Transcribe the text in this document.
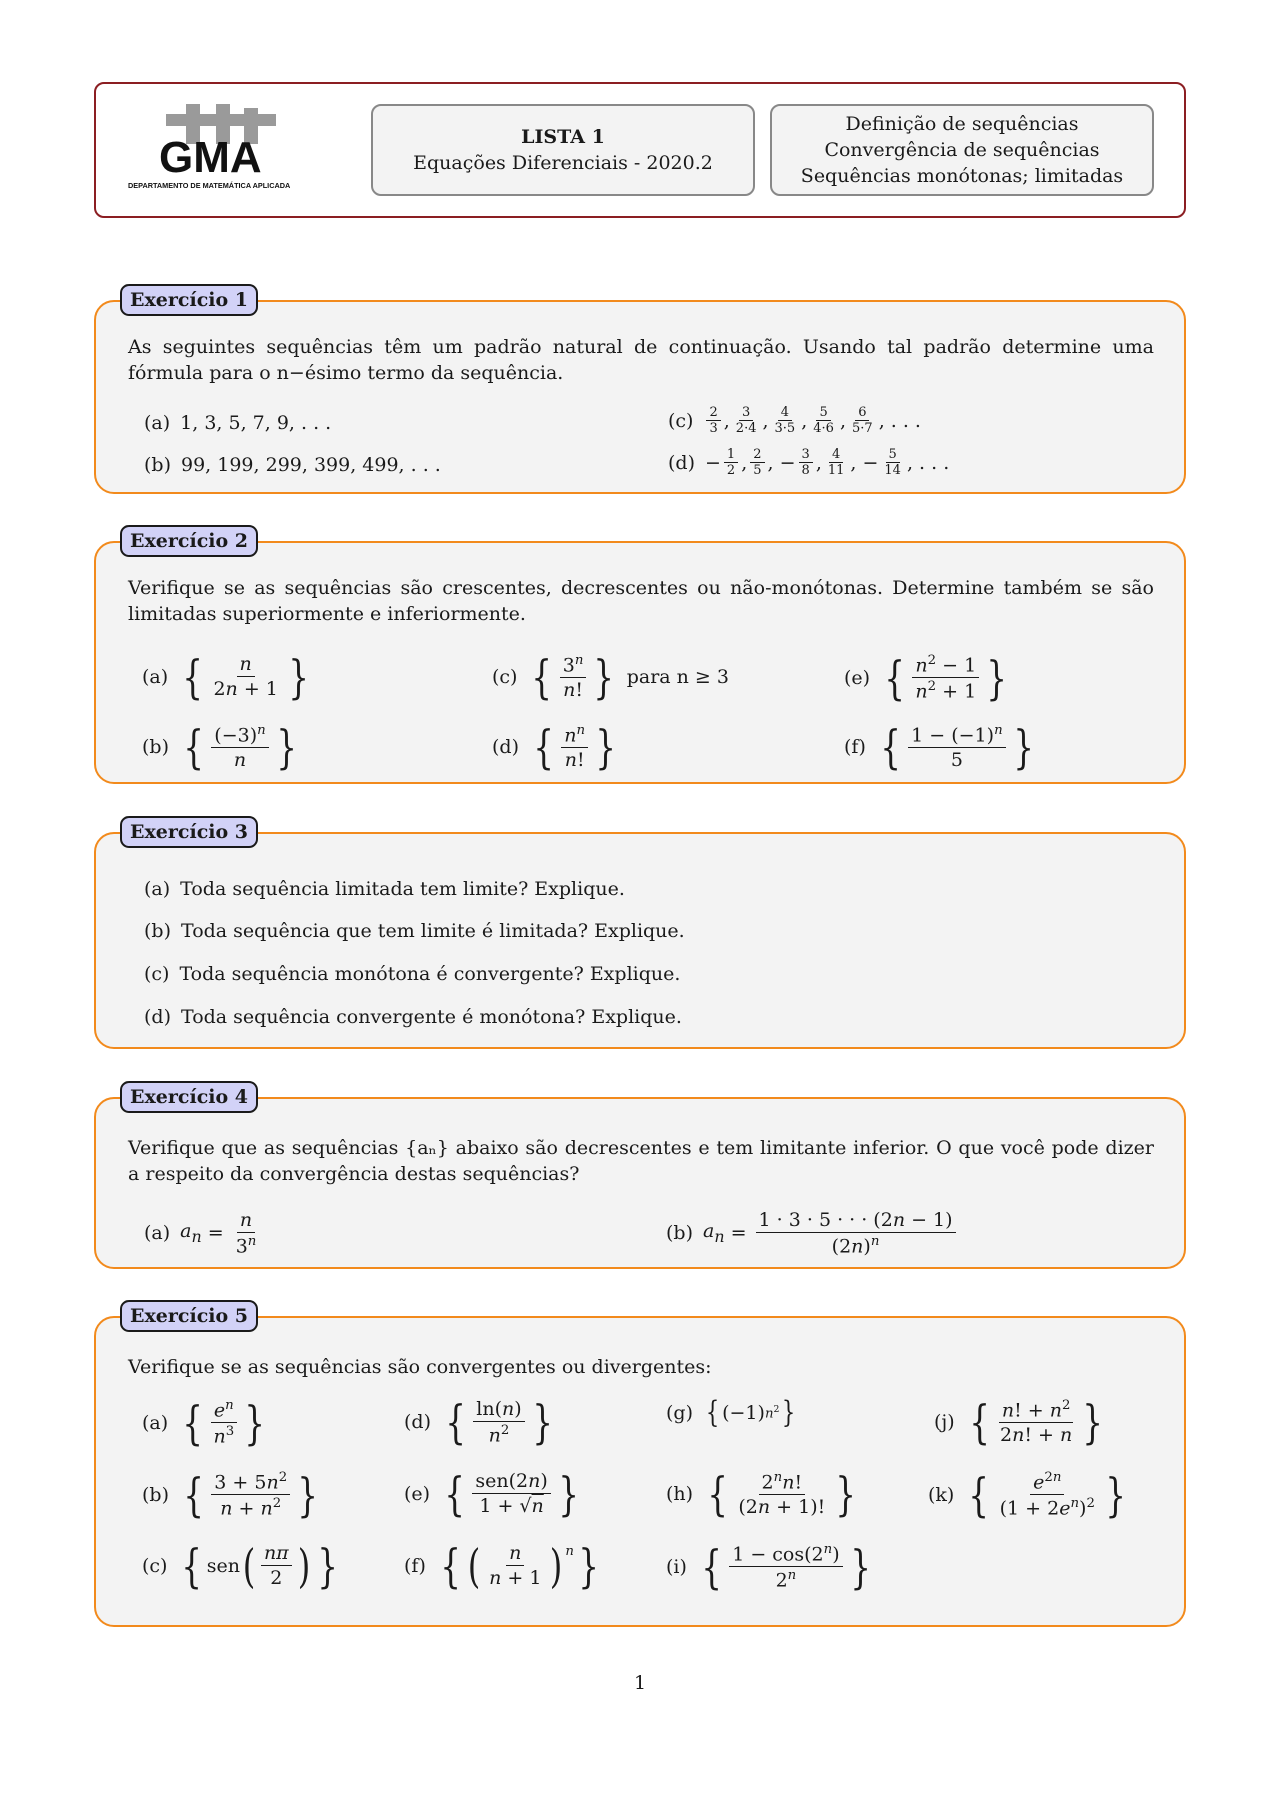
GMA
DEPARTAMENTO DE MATEMÁTICA APLICADA
LISTA 1
Equações Diferenciais - 2020.2
Definição de sequências
Convergência de sequências
Sequências monótonas; limitadas
Exercício 1
As seguintes sequências têm um padrão natural de continuação. Usando tal padrão determine uma fórmula para o n−ésimo termo da sequência.
(a) 1, 3, 5, 7, 9, . . .
(b) 99, 199, 299, 399, 499, . . .
(c) 2
3 , 3
2·4 , 4
3·5 , 5
4·6 , 6
5·7 , . . .
(d) − 1
2 , 2
5 , − 3
8 , 4
11 , − 5
14 , . . .
Exercício 2
Verifique se as sequências são crescentes, decrescentes ou não-monótonas. Determine também se são limitadas superiormente e inferiormente.
(a) { n
2n + 1 }
(b) { $(-3)^n$
n }
(c) { 3$^n$
n! } para n ≥ 3
(d) { $n^n$
n! }
(e) { $n^2 - 1$
$n^2 + 1$ }
(f) { $1 - (-1)^n$
5 }
Exercício 3
(a) Toda sequência limitada tem limite? Explique.
(b) Toda sequência que tem limite é limitada? Explique.
(c) Toda sequência monótona é convergente? Explique.
(d) Toda sequência convergente é monótona? Explique.
Exercício 4
Verifique que as sequências {aₙ} abaixo são decrescentes e tem limitante inferior. O que você pode dizer a respeito da convergência destas sequências?
(a) $a_n$ =
n
3$^n$	(b) $a_n$ =
1 · 3 · 5 · · · (2n − 1)
$(2n)^n$
Exercício 5
Verifique se as sequências são convergentes ou divergentes:
(a) { $e^n$
$n^3$ }
(b) { $3 + 5n^2$
$n + n^2$ }
(c) { sen ( nπ
2 ) }
(d) { ln(n)
$n^2$ }
(e) { sen(2n)
1 + √n }
(f) { ( n
n + 1 ) $^n$ }
(g) { (−1) $n^2$ }
(h) { 2$^n$n!
(2n + 1)! }
(i) { $1 - \cos(2^n)$
2$^n$ }
(j) { n! + $n^2$
2n! + n }
(k) { $e^{2n}$
$(1 + 2e^n)^2$ }
1
